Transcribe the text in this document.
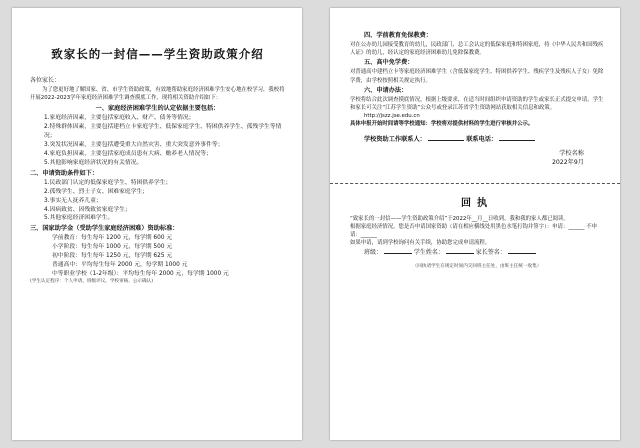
致家长的一封信——学生资助政策介绍
各位家长：

为了您更好地了解国家、省、市学生资助政策，有效地帮助家庭经济困难学生安心地在校学习，我校将开展2022-2023学年家庭经济困难学生调查摸底工作，现将相关资助介绍如下：

一、家庭经济困难学生的认定依据主要包括：
1.家庭经济因素，主要包括家庭收入、财产、债务等情况；
2.特殊群体因素，主要包括建档立卡家庭学生、低保家庭学生、特困供养学生、孤残学生等情况；
3.突发状况因素，主要包括遭受重大自然灾害、重大突发意外事件等；
4.家庭负担因素，主要包括家庭成员患有大病、赡养老人情况等；
5.其他影响家庭经济状况的有关情况。
二、申请资助条件如下：
1.民政部门认定的低保家庭学生、特困供养学生；
2.孤残学生、烈士子女、困难家庭学生；
3.事实无人抚养儿童；
4.因病致贫、因残致贫家庭学生；
5.其他家庭经济困难学生。
三、国家助学金（受助学生家庭经济困难）资助标准：
学前教育：每生每年 1200 元，每学期 600 元
小学阶段：每生每年 1000 元，每学期 500 元
初中阶段：每生每年 1250 元，每学期 625 元
普通高中：平均每生每年 2000 元，每学期 1000 元
中等职业学校（1-2年级）：平均每生每年 2000 元，每学期 1000 元

(学生认定程序：个人申请、班级评议、学校审核、公示确认)

四、学前教育免保教费：

对在公办幼儿园接受教育的幼儿，民政部门、总工会认定的低保家庭和特困家庭，持《中华人民共和国残疾人证》的幼儿，经认定的家庭经济困难幼儿免除保教费。

五、高中免学费：

对普通高中建档立卡等家庭经济困难学生（含低保家庭学生、特困供养学生、残疾学生及残疾人子女）免除学费，由学校按照相关规定执行。

六、申请办法：

学校将结合此次调查摸底情况，根据上级要求，在适当时间组织申请资助的学生或家长正式提交申请，学生和家长可关注“江苏学生资助”公众号或登录江苏省学生资助网站获取相关信息和政策。

http://jszz.jse.edu.cn

具体申报开始时间请等学校通知：学校将对提供材料的学生进行审核并公示。

学校资助工作联系人：	联系电话：
学校名称
2022年9月
回执

“致家长的一封信——学生资助政策介绍”于2022年__月__日收到，我和我的家人都已阅读。

根据家庭经济情况，您是否申请国家资助（请在相应横线处用黑色水笔打钩并签字）：申请：______ 不申请：______

如果申请，请到学校询问有关手续，协助您完成申请流程。

班级：	学生姓名：	家长签名：
（回执请学生在规定时间内交回班主任处，由班主任统一收集）
